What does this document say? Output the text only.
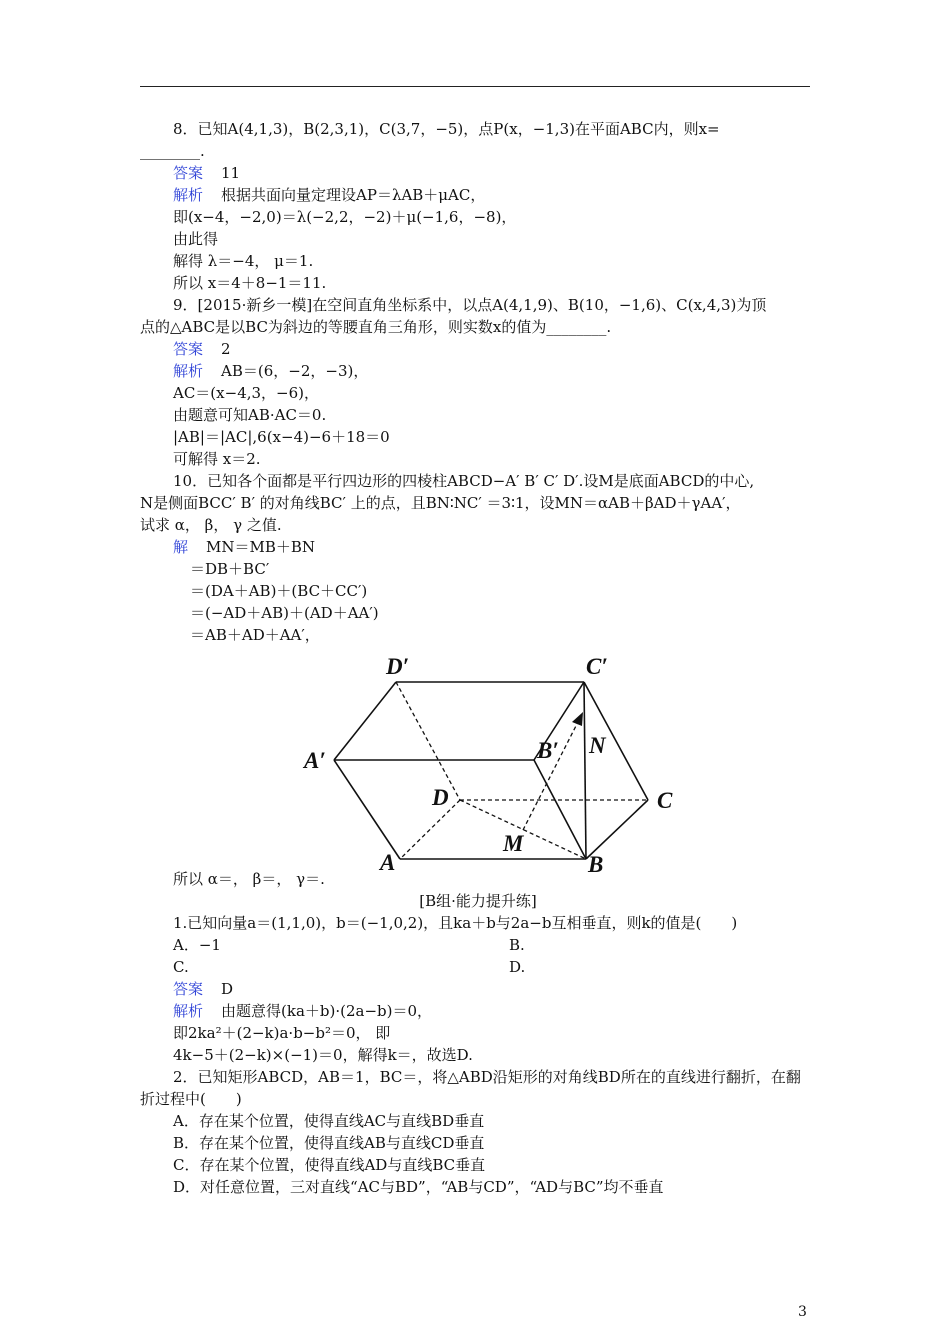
8．已知A(4,1,3)，B(2,3,1)，C(3,7，−5)，点P(x，−1,3)在平面ABC内，则x=
________.
答案 11
解析 根据共面向量定理设AP＝λAB＋μAC，
即(x−4，−2,0)＝λ(−2,2，−2)＋μ(−1,6，−8)，
由此得
解得 λ＝−4， μ＝1.
所以 x＝4＋8−1＝11.
9．[2015·新乡一模]在空间直角坐标系中，以点A(4,1,9)、B(10，−1,6)、C(x,4,3)为顶
点的△ABC是以BC为斜边的等腰直角三角形，则实数x的值为________.
答案 2
解析 AB＝(6，−2，−3)，
AC＝(x−4,3，−6)，
由题意可知AB·AC＝0.
|AB|＝|AC|,6(x−4)−6＋18＝0
可解得 x＝2.
10．已知各个面都是平行四边形的四棱柱ABCD−A′ B′ C′ D′.设M是底面ABCD的中心,
N是侧面BCC′ B′ 的对角线BC′ 上的点，且BN∶NC′ ＝3∶1，设MN＝αAB＋βAD＋γAA′，
试求 α， β， γ 之值.
解 MN＝MB＋BN
＝DB＋BC′
＝(DA＋AB)＋(BC＋CC′)
＝(−AD＋AB)＋(AD＋AA′)
＝AB＋AD＋AA′，
D′	C′
A′	B′ N
D	C
M
A	B
所以 α＝， β＝， γ＝.
[B组·能力提升练]
1.已知向量a＝(1,1,0)，b＝(−1,0,2)，且ka＋b与2a−b互相垂直，则k的值是(　　)
A．−1	B.
C.	D.
答案 D
解析 由题意得(ka＋b)·(2a−b)＝0，
即2ka²＋(2−k)a·b−b²＝0， 即
4k−5＋(2−k)×(−1)＝0，解得k＝，故选D.
2．已知矩形ABCD，AB＝1，BC＝，将△ABD沿矩形的对角线BD所在的直线进行翻折，在翻
折过程中(　　)
A．存在某个位置，使得直线AC与直线BD垂直
B．存在某个位置，使得直线AB与直线CD垂直
C．存在某个位置，使得直线AD与直线BC垂直
D．对任意位置，三对直线“AC与BD”，“AB与CD”，“AD与BC”均不垂直
3
